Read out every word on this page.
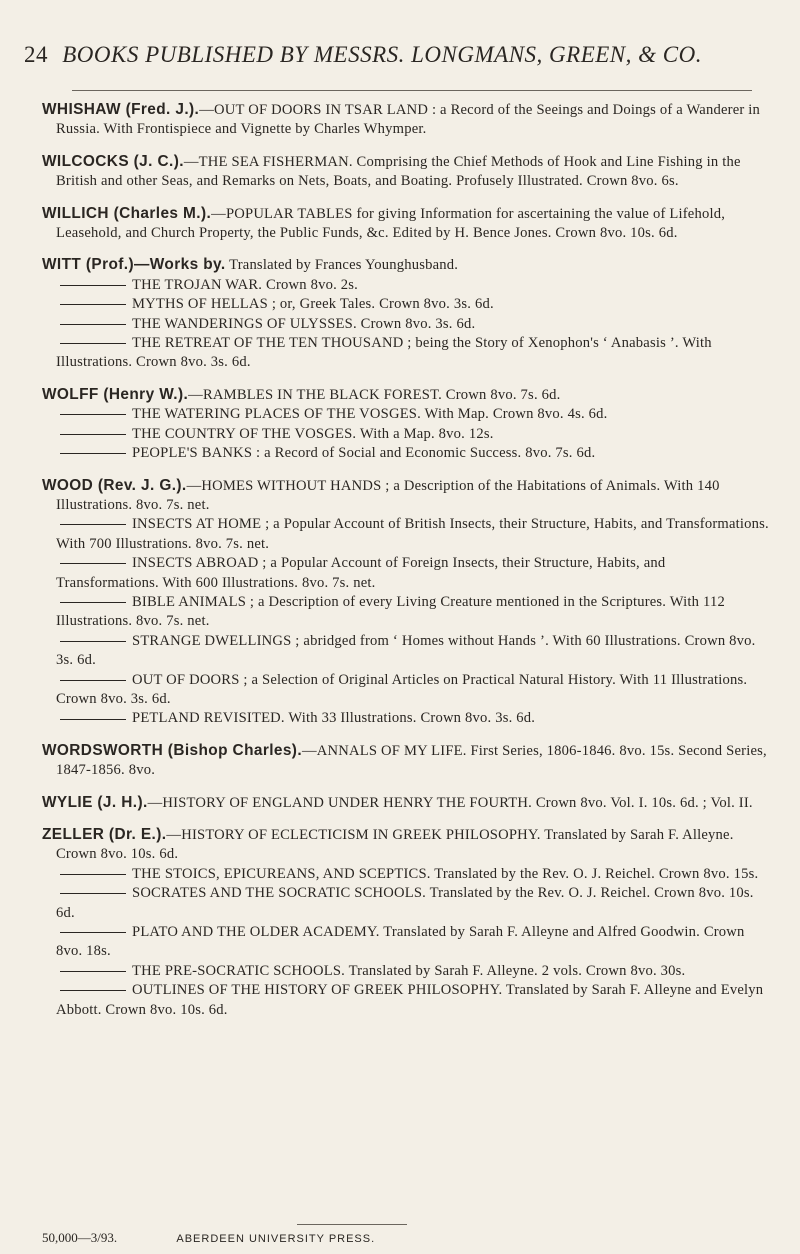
24 BOOKS PUBLISHED BY MESSRS. LONGMANS, GREEN, & CO.

WHISHAW (Fred. J.).—OUT OF DOORS IN TSAR LAND : a Record of the Seeings and Doings of a Wanderer in Russia. With Frontispiece and Vignette by Charles Whymper.

WILCOCKS (J. C.).—THE SEA FISHERMAN. Comprising the Chief Methods of Hook and Line Fishing in the British and other Seas, and Remarks on Nets, Boats, and Boating. Profusely Illustrated. Crown 8vo. 6s.

WILLICH (Charles M.).—POPULAR TABLES for giving Information for ascertaining the value of Lifehold, Leasehold, and Church Property, the Public Funds, &c. Edited by H. Bence Jones. Crown 8vo. 10s. 6d.

WITT (Prof.)—Works by. Translated by Frances Younghusband.

THE TROJAN WAR. Crown 8vo. 2s.

MYTHS OF HELLAS ; or, Greek Tales. Crown 8vo. 3s. 6d.

THE WANDERINGS OF ULYSSES. Crown 8vo. 3s. 6d.

THE RETREAT OF THE TEN THOUSAND ; being the Story of Xenophon's ‘ Anabasis ’. With Illustrations. Crown 8vo. 3s. 6d.

WOLFF (Henry W.).—RAMBLES IN THE BLACK FOREST. Crown 8vo. 7s. 6d.

THE WATERING PLACES OF THE VOSGES. With Map. Crown 8vo. 4s. 6d.

THE COUNTRY OF THE VOSGES. With a Map. 8vo. 12s.

PEOPLE'S BANKS : a Record of Social and Economic Success. 8vo. 7s. 6d.

WOOD (Rev. J. G.).—HOMES WITHOUT HANDS ; a Description of the Habitations of Animals. With 140 Illustrations. 8vo. 7s. net.

INSECTS AT HOME ; a Popular Account of British Insects, their Structure, Habits, and Transformations. With 700 Illustrations. 8vo. 7s. net.

INSECTS ABROAD ; a Popular Account of Foreign Insects, their Structure, Habits, and Transformations. With 600 Illustrations. 8vo. 7s. net.

BIBLE ANIMALS ; a Description of every Living Creature mentioned in the Scriptures. With 112 Illustrations. 8vo. 7s. net.

STRANGE DWELLINGS ; abridged from ‘ Homes without Hands ’. With 60 Illustrations. Crown 8vo. 3s. 6d.

OUT OF DOORS ; a Selection of Original Articles on Practical Natural History. With 11 Illustrations. Crown 8vo. 3s. 6d.

PETLAND REVISITED. With 33 Illustrations. Crown 8vo. 3s. 6d.

WORDSWORTH (Bishop Charles).—ANNALS OF MY LIFE. First Series, 1806-1846. 8vo. 15s. Second Series, 1847-1856. 8vo.

WYLIE (J. H.).—HISTORY OF ENGLAND UNDER HENRY THE FOURTH. Crown 8vo. Vol. I. 10s. 6d. ; Vol. II.

ZELLER (Dr. E.).—HISTORY OF ECLECTICISM IN GREEK PHILOSOPHY. Translated by Sarah F. Alleyne. Crown 8vo. 10s. 6d.

THE STOICS, EPICUREANS, AND SCEPTICS. Translated by the Rev. O. J. Reichel. Crown 8vo. 15s.

SOCRATES AND THE SOCRATIC SCHOOLS. Translated by the Rev. O. J. Reichel. Crown 8vo. 10s. 6d.

PLATO AND THE OLDER ACADEMY. Translated by Sarah F. Alleyne and Alfred Goodwin. Crown 8vo. 18s.

THE PRE-SOCRATIC SCHOOLS. Translated by Sarah F. Alleyne. 2 vols. Crown 8vo. 30s.

OUTLINES OF THE HISTORY OF GREEK PHILOSOPHY. Translated by Sarah F. Alleyne and Evelyn Abbott. Crown 8vo. 10s. 6d.

50,000—3/93.	ABERDEEN UNIVERSITY PRESS.
